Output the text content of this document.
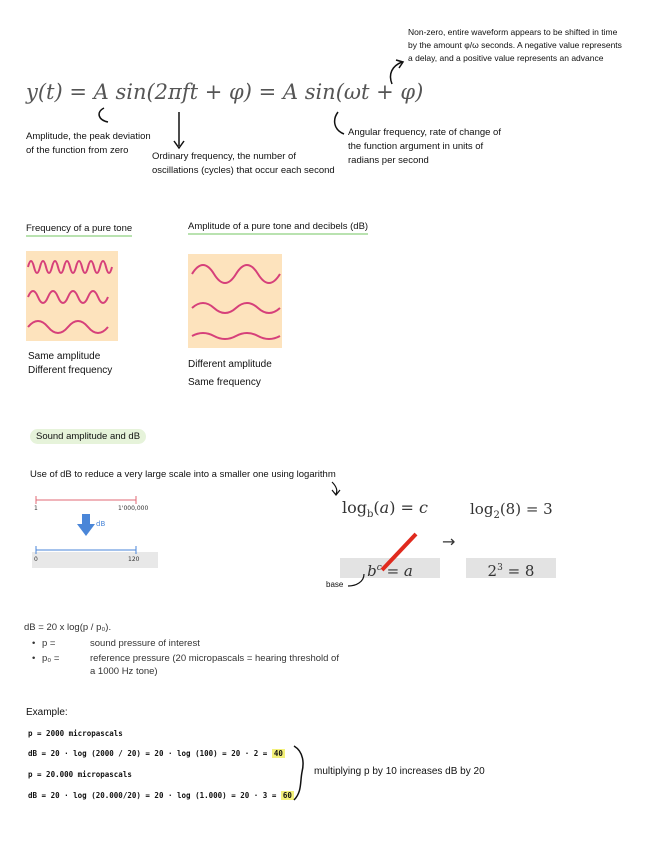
y(t) = A sin(2πft + φ) = A sin(ωt + φ)
Non-zero, entire waveform appears to be shifted in time by the amount φ/ω seconds. A negative value represents a delay, and a positive value represents an advance
Amplitude, the peak deviation of the function from zero
Ordinary frequency, the number of oscillations (cycles) that occur each second
Angular frequency, rate of change of the function argument in units of radians per second
Frequency of a pure tone	Amplitude of a pure tone and decibels (dB)
Same amplitude
Different frequency
Different amplitude
Same frequency
Sound amplitude and dB
Use of dB to reduce a very large scale into a smaller one using logarithm
1	1'000,000
dB
0	120
$\log_b(a) = c$	$\log_2(8) = 3$
→
$b^c = a$	$2^3 = 8$
base
dB = 20 x log(p / p₀).
• p =	sound pressure of interest
• p₀ =	reference pressure (20 micropascals = hearing threshold of a 1000 Hz tone)
Example:
p = 2000 micropascals
dB = 20 · log (2000 / 20) = 20 · log (100) = 20 · 2 = 40
p = 20.000 micropascals
dB = 20 · log (20.000/20) = 20 · log (1.000) = 20 · 3 = 60
multiplying p by 10 increases dB by 20
